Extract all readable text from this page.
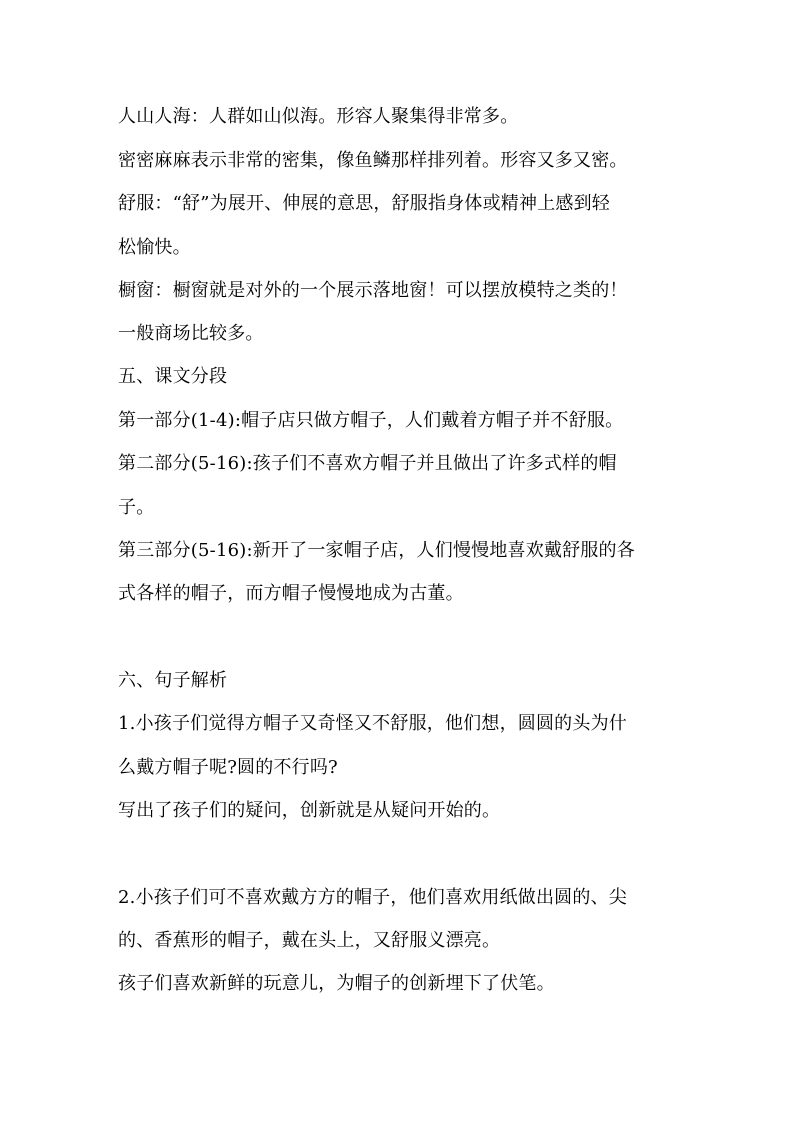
人山人海：人群如山似海。形容人聚集得非常多。
密密麻麻表示非常的密集，像鱼鳞那样排列着。形容又多又密。
舒服：“舒”为展开、伸展的意思，舒服指身体或精神上感到轻
松愉快。
橱窗：橱窗就是对外的一个展示落地窗！可以摆放模特之类的！
一般商场比较多。
五、课文分段
第一部分(1-4):帽子店只做方帽子，人们戴着方帽子并不舒服。
第二部分(5-16):孩子们不喜欢方帽子并且做出了许多式样的帽
子。
第三部分(5-16):新开了一家帽子店，人们慢慢地喜欢戴舒服的各
式各样的帽子，而方帽子慢慢地成为古董。
六、句子解析
1.小孩子们觉得方帽子又奇怪又不舒服，他们想，圆圆的头为什
么戴方帽子呢?圆的不行吗?
写出了孩子们的疑问，创新就是从疑问开始的。
2.小孩子们可不喜欢戴方方的帽子，他们喜欢用纸做出圆的、尖
的、香蕉形的帽子，戴在头上，又舒服义漂亮。
孩子们喜欢新鲜的玩意儿，为帽子的创新埋下了伏笔。
